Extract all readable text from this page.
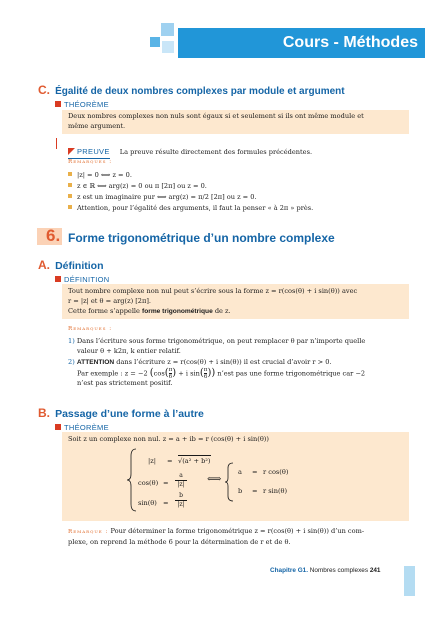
Cours - Méthodes
C. Égalité de deux nombres complexes par module et argument
THÉORÈME
Deux nombres complexes non nuls sont égaux si et seulement si ils ont même module et
même argument.
PREUVE La preuve résulte directement des formules précédentes.
Remarques :
|z| = 0 ⟺ z = 0.
z ∈ ℝ ⟺ arg(z) = 0 ou π [2π] ou z = 0.
z est un imaginaire pur ⟺ arg(z) = π/2 [2π] ou z = 0.
Attention, pour l’égalité des arguments, il faut la penser « à 2π » près.
6. Forme trigonométrique d’un nombre complexe
A. Définition
DÉFINITION
Tout nombre complexe non nul peut s’écrire sous la forme z = r(cos(θ) + i sin(θ)) avec
r = |z| et θ = arg(z) [2π].
Cette forme s’appelle forme trigonométrique de z.
Remarques :
1) Dans l’écriture sous forme trigonométrique, on peut remplacer θ par n’importe quelle
valeur θ + k2π, k entier relatif.
2) ATTENTION dans l’écriture z = r(cos(θ) + i sin(θ)) il est crucial d’avoir r > 0.
Par exemple : z = −2 ($\cos( \frac{\pi}{6}$ ) + i $\sin( \frac{\pi}{6}$ )) n’est pas une forme trigonométrique car −2
n’est pas strictement positif.
B. Passage d’une forme à l’autre
THÉORÈME
Soit z un complexe non nul. z = a + ib = r (cos(θ) + i sin(θ))
|z| = √(a² + b²)
cos(θ) =
a
|z|
sin(θ) =
b
|z|
⟺
a = r cos(θ)
b = r sin(θ)
Remarque : Pour déterminer la forme trigonométrique z = r(cos(θ) + i sin(θ)) d’un com-
plexe, on reprend la méthode 6 pour la détermination de r et de θ.
Chapitre G1. Nombres complexes 241
